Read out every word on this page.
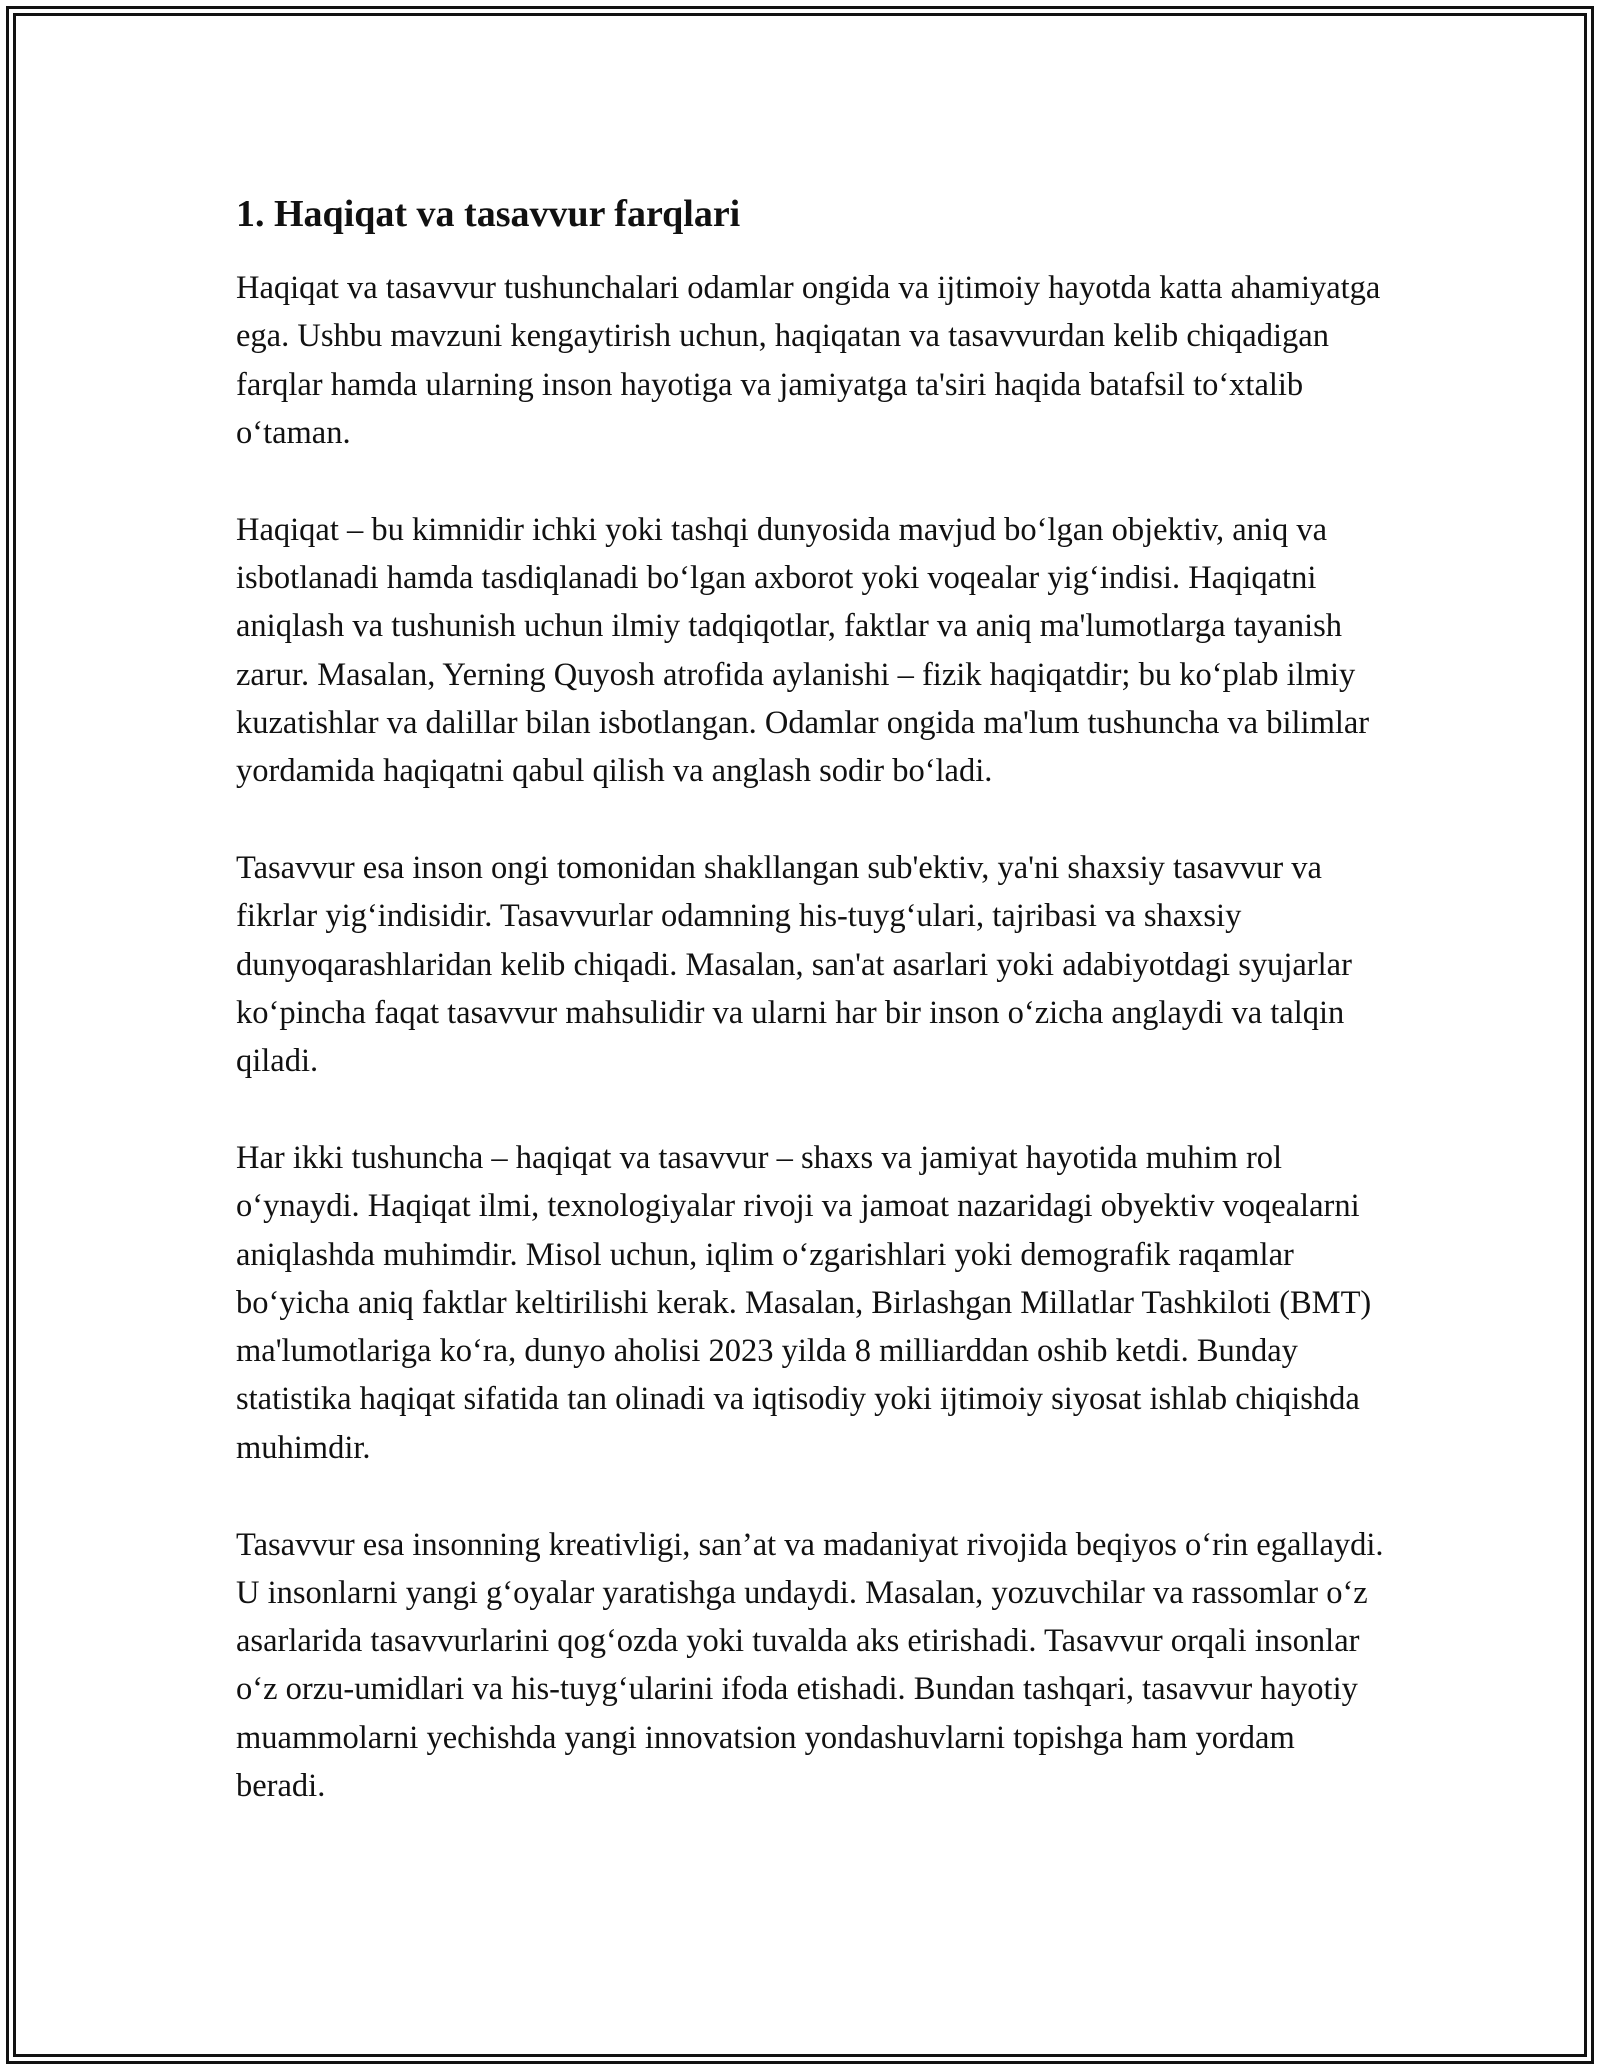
1. Haqiqat va tasavvur farqlari

Haqiqat va tasavvur tushunchalari odamlar ongida va ijtimoiy hayotda katta ahamiyatga ega. Ushbu mavzuni kengaytirish uchun, haqiqatan va tasavvurdan kelib chiqadigan farqlar hamda ularning inson hayotiga va jamiyatga ta'siri haqida batafsil to‘xtalib o‘taman.

Haqiqat – bu kimnidir ichki yoki tashqi dunyosida mavjud bo‘lgan objektiv, aniq va isbotlanadi hamda tasdiqlanadi bo‘lgan axborot yoki voqealar yig‘indisi. Haqiqatni aniqlash va tushunish uchun ilmiy tadqiqotlar, faktlar va aniq ma'lumotlarga tayanish zarur. Masalan, Yerning Quyosh atrofida aylanishi – fizik haqiqatdir; bu ko‘plab ilmiy kuzatishlar va dalillar bilan isbotlangan. Odamlar ongida ma'lum tushuncha va bilimlar yordamida haqiqatni qabul qilish va anglash sodir bo‘ladi.

Tasavvur esa inson ongi tomonidan shakllangan sub'ektiv, ya'ni shaxsiy tasavvur va fikrlar yig‘indisidir. Tasavvurlar odamning his-tuyg‘ulari, tajribasi va shaxsiy dunyoqarashlaridan kelib chiqadi. Masalan, san'at asarlari yoki adabiyotdagi syujarlar ko‘pincha faqat tasavvur mahsulidir va ularni har bir inson o‘zicha anglaydi va talqin qiladi.

Har ikki tushuncha – haqiqat va tasavvur – shaxs va jamiyat hayotida muhim rol o‘ynaydi. Haqiqat ilmi, texnologiyalar rivoji va jamoat nazaridagi obyektiv voqealarni aniqlashda muhimdir. Misol uchun, iqlim o‘zgarishlari yoki demografik raqamlar bo‘yicha aniq faktlar keltirilishi kerak. Masalan, Birlashgan Millatlar Tashkiloti (BMT) ma'lumotlariga ko‘ra, dunyo aholisi 2023 yilda 8 milliarddan oshib ketdi. Bunday statistika haqiqat sifatida tan olinadi va iqtisodiy yoki ijtimoiy siyosat ishlab chiqishda muhimdir.

Tasavvur esa insonning kreativligi, san’at va madaniyat rivojida beqiyos o‘rin egallaydi. U insonlarni yangi g‘oyalar yaratishga undaydi. Masalan, yozuvchilar va rassomlar o‘z asarlarida tasavvurlarini qog‘ozda yoki tuvalda aks etirishadi. Tasavvur orqali insonlar o‘z orzu-umidlari va his-tuyg‘ularini ifoda etishadi. Bundan tashqari, tasavvur hayotiy muammolarni yechishda yangi innovatsion yondashuvlarni topishga ham yordam beradi.
